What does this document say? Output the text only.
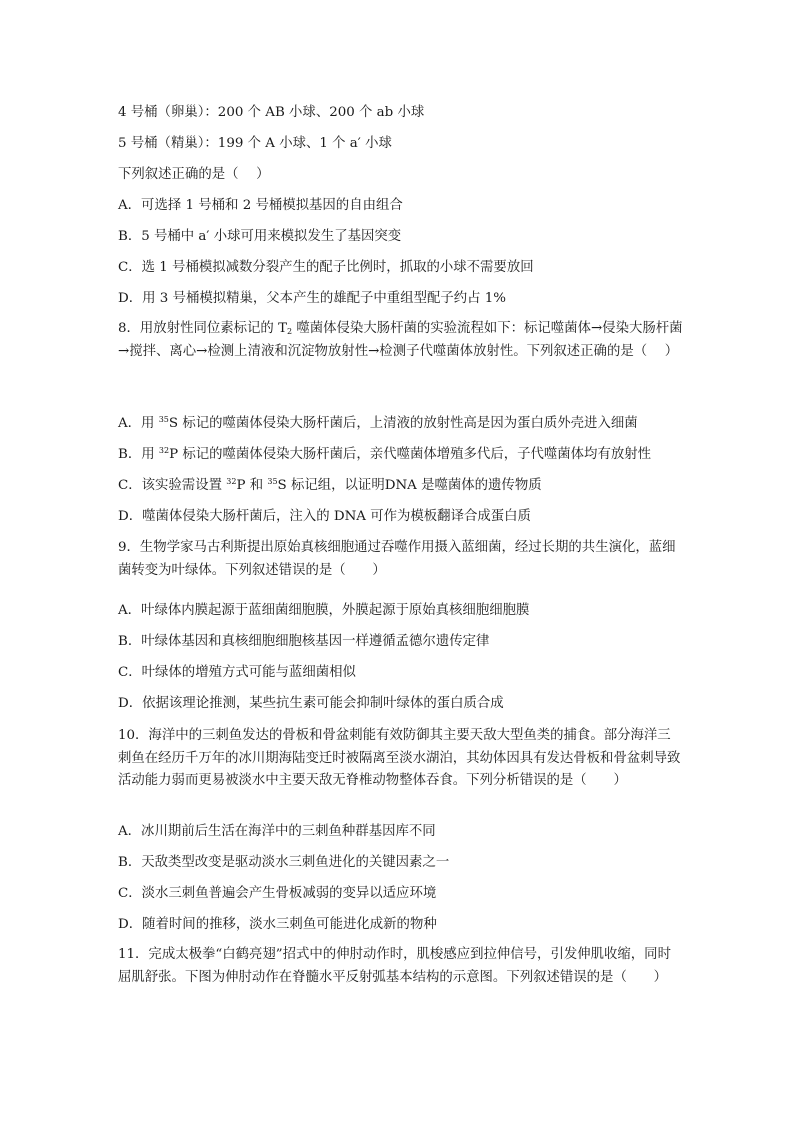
4 号桶（卵巢）：200 个 AB 小球、200 个 ab 小球
5 号桶（精巢）：199 个 A 小球、1 个 a′ 小球
下列叙述正确的是（　 ）
A．可选择 1 号桶和 2 号桶模拟基因的自由组合
B．5 号桶中 a′ 小球可用来模拟发生了基因突变
C．选 1 号桶模拟减数分裂产生的配子比例时，抓取的小球不需要放回
D．用 3 号桶模拟精巢，父本产生的雄配子中重组型配子约占 1%
8．用放射性同位素标记的 $T_2$ 噬菌体侵染大肠杆菌的实验流程如下：标记噬菌体→侵染大肠杆菌→搅拌、离心→检测上清液和沉淀物放射性→检测子代噬菌体放射性。下列叙述正确的是（　 ）
A．用 $^{35}$S 标记的噬菌体侵染大肠杆菌后，上清液的放射性高是因为蛋白质外壳进入细菌
B．用 $^{32}$P 标记的噬菌体侵染大肠杆菌后，亲代噬菌体增殖多代后，子代噬菌体均有放射性
C．该实验需设置 $^{32}$P 和 $^{35}$S 标记组，以证明DNA 是噬菌体的遗传物质
D．噬菌体侵染大肠杆菌后，注入的 DNA 可作为模板翻译合成蛋白质
9．生物学家马古利斯提出原始真核细胞通过吞噬作用摄入蓝细菌，经过长期的共生演化，蓝细菌转变为叶绿体。下列叙述错误的是（　　）
A．叶绿体内膜起源于蓝细菌细胞膜，外膜起源于原始真核细胞细胞膜
B．叶绿体基因和真核细胞细胞核基因一样遵循孟德尔遗传定律
C．叶绿体的增殖方式可能与蓝细菌相似
D．依据该理论推测，某些抗生素可能会抑制叶绿体的蛋白质合成
10．海洋中的三刺鱼发达的骨板和骨盆刺能有效防御其主要天敌大型鱼类的捕食。部分海洋三刺鱼在经历千万年的冰川期海陆变迁时被隔离至淡水湖泊，其幼体因具有发达骨板和骨盆刺导致活动能力弱而更易被淡水中主要天敌无脊椎动物整体吞食。下列分析错误的是（　　）
A．冰川期前后生活在海洋中的三刺鱼种群基因库不同
B．天敌类型改变是驱动淡水三刺鱼进化的关键因素之一
C．淡水三刺鱼普遍会产生骨板减弱的变异以适应环境
D．随着时间的推移，淡水三刺鱼可能进化成新的物种
11．完成太极拳“白鹤亮翅”招式中的伸肘动作时，肌梭感应到拉伸信号，引发伸肌收缩，同时屈肌舒张。下图为伸肘动作在脊髓水平反射弧基本结构的示意图。下列叙述错误的是（　　）
